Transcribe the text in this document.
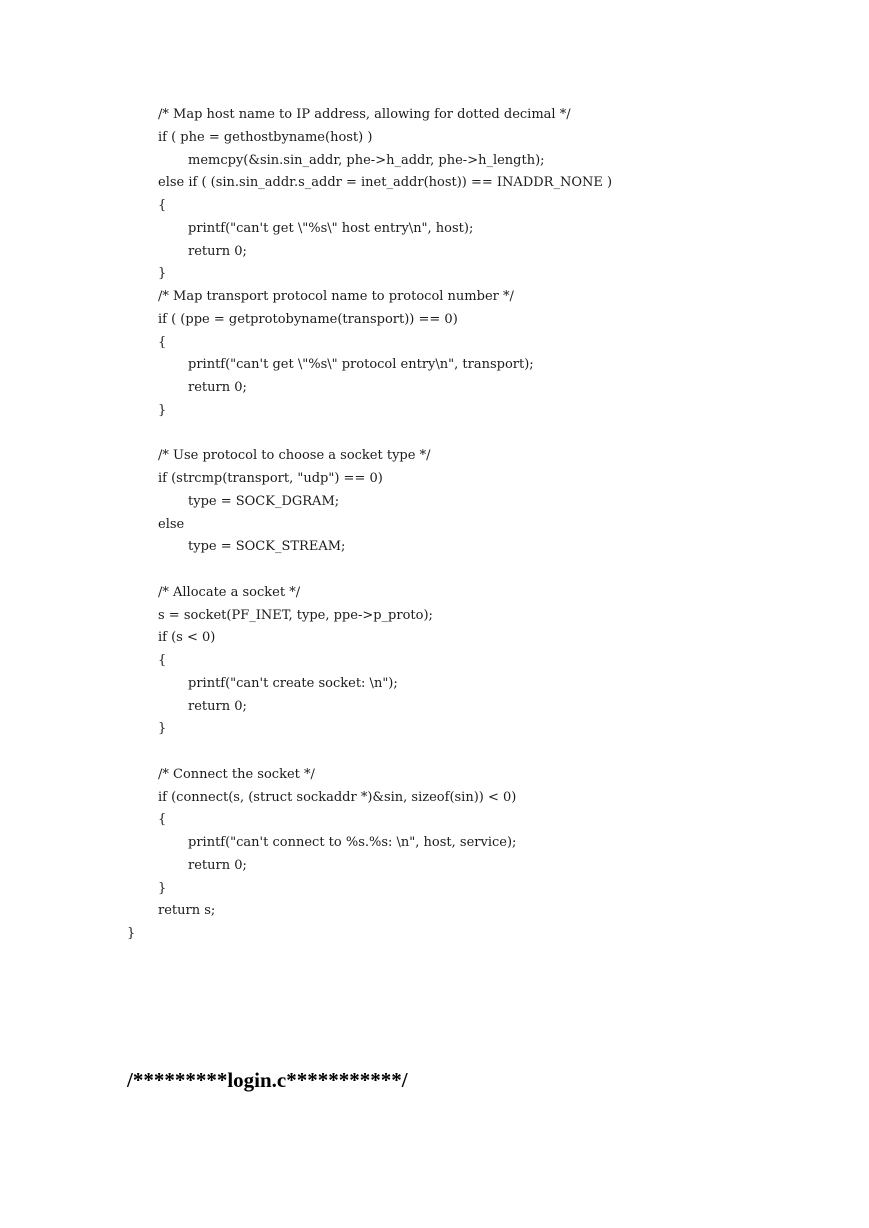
/* Map host name to IP address, allowing for dotted decimal */
if ( phe = gethostbyname(host) )
memcpy(&sin.sin_addr, phe->h_addr, phe->h_length);
else if ( (sin.sin_addr.s_addr = inet_addr(host)) == INADDR_NONE )
{
printf("can't get \"%s\" host entry\n", host);
return 0;
}
/* Map transport protocol name to protocol number */
if ( (ppe = getprotobyname(transport)) == 0)
{
printf("can't get \"%s\" protocol entry\n", transport);
return 0;
}
/* Use protocol to choose a socket type */
if (strcmp(transport, "udp") == 0)
type = SOCK_DGRAM;
else
type = SOCK_STREAM;
/* Allocate a socket */
s = socket(PF_INET, type, ppe->p_proto);
if (s < 0)
{
printf("can't create socket: \n");
return 0;
}
/* Connect the socket */
if (connect(s, (struct sockaddr *)&sin, sizeof(sin)) < 0)
{
printf("can't connect to %s.%s: \n", host, service);
return 0;
}
return s;
}
/*********login.c***********/
